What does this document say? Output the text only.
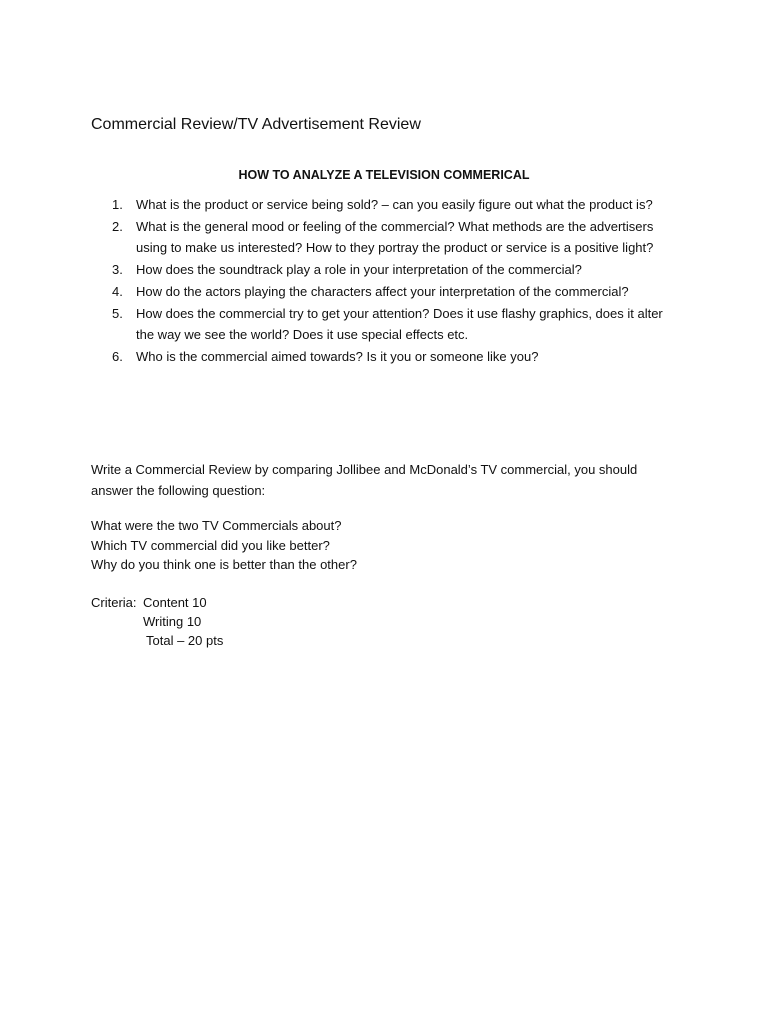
Commercial Review/TV Advertisement Review
HOW TO ANALYZE A TELEVISION COMMERICAL
1. What is the product or service being sold? – can you easily figure out what the product is?
2. What is the general mood or feeling of the commercial? What methods are the advertisers using to make us interested? How to they portray the product or service is a positive light?
3. How does the soundtrack play a role in your interpretation of the commercial?
4. How do the actors playing the characters affect your interpretation of the commercial?
5. How does the commercial try to get your attention? Does it use flashy graphics, does it alter the way we see the world? Does it use special effects etc.
6. Who is the commercial aimed towards? Is it you or someone like you?

Write a Commercial Review by comparing Jollibee and McDonald’s TV commercial, you should answer the following question:

What were the two TV Commercials about?
Which TV commercial did you like better?
Why do you think one is better than the other?
Criteria: Content 10
Writing 10
Total – 20 pts
